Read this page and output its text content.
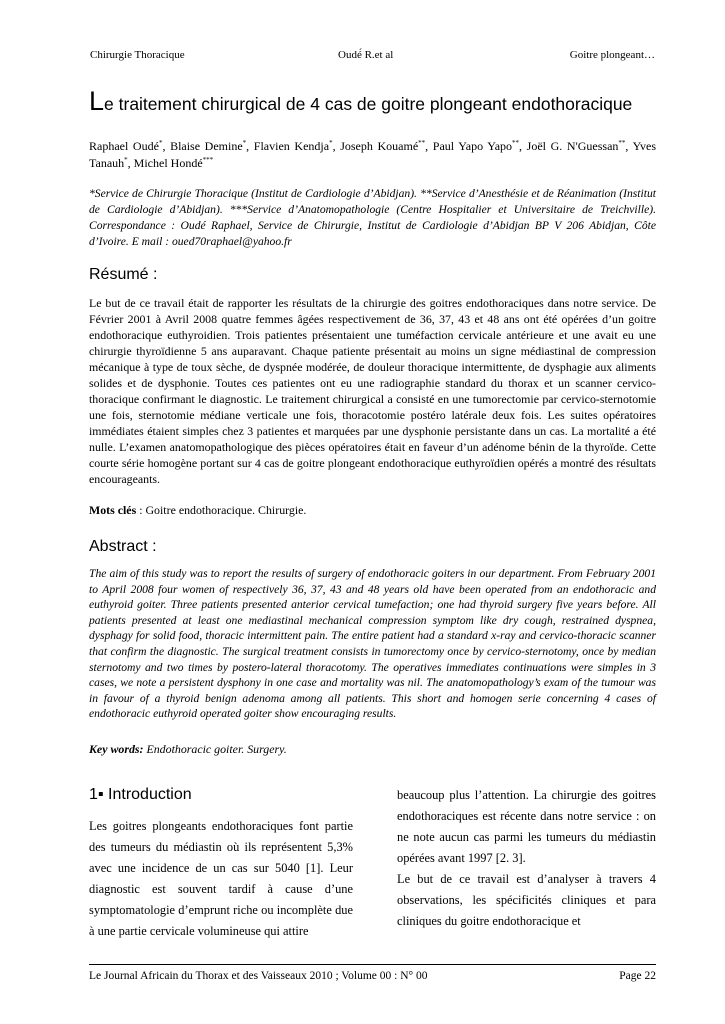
Chirurgie Thoracique	Oudé́ R.et al	Goitre plongeant…
Le traitement chirurgical de 4 cas de goitre plongeant endothoracique
Raphael Oudé*, Blaise Demine*, Flavien Kendja*, Joseph Kouamé**, Paul Yapo Yapo**, Joël G. N'Guessan**, Yves Tanauh*, Michel Hondé***
*Service de Chirurgie Thoracique (Institut de Cardiologie d’Abidjan). **Service d’Anesthésie et de Réanimation (Institut de Cardiologie d’Abidjan). ***Service d’Anatomopathologie (Centre Hospitalier et Universitaire de Treichville). Correspondance : Oudé Raphael, Service de Chirurgie, Institut de Cardiologie d’Abidjan BP V 206 Abidjan, Côte d’Ivoire. E mail : oued70raphael@yahoo.fr
Résumé :

Le but de ce travail était de rapporter les résultats de la chirurgie des goitres endothoraciques dans notre service. De Février 2001 à Avril 2008 quatre femmes âgées respectivement de 36, 37, 43 et 48 ans ont été opérées d’un goitre endothoracique euthyroidien. Trois patientes présentaient une tuméfaction cervicale antérieure et une avait eu une chirurgie thyroïdienne 5 ans auparavant. Chaque patiente présentait au moins un signe médiastinal de compression mécanique à type de toux sèche, de dyspnée modérée, de douleur thoracique intermittente, de dysphagie aux aliments solides et de dysphonie. Toutes ces patientes ont eu une radiographie standard du thorax et un scanner cervico-thoracique confirmant le diagnostic. Le traitement chirurgical a consisté en une tumorectomie par cervico-sternotomie une fois, sternotomie médiane verticale une fois, thoracotomie postéro latérale deux fois. Les suites opératoires immédiates étaient simples chez 3 patientes et marquées par une dysphonie persistante dans un cas. La mortalité a été nulle. L’examen anatomopathologique des pièces opératoires était en faveur d’un adénome bénin de la thyroïde. Cette courte série homogène portant sur 4 cas de goitre plongeant endothoracique euthyroïdien opérés a montré des résultats encourageants.

Mots clés : Goitre endothoracique. Chirurgie.
Abstract :

The aim of this study was to report the results of surgery of endothoracic goiters in our department. From February 2001 to April 2008 four women of respectively 36, 37, 43 and 48 years old have been operated from an endothoracic and euthyroid goiter. Three patients presented anterior cervical tumefaction; one had thyroid surgery five years before. All patients presented at least one mediastinal mechanical compression symptom like dry cough, restrained dyspnea, dysphagy for solid food, thoracic intermittent pain. The entire patient had a standard x-ray and cervico-thoracic scanner that confirm the diagnostic. The surgical treatment consists in tumorectomy once by cervico-sternotomy, once by median sternotomy and two times by postero-lateral thoracotomy. The operatives immediates continuations were simples in 3 cases, we note a persistent dysphony in one case and mortality was nil. The anatomopathology’s exam of the tumour was in favour of a thyroid benign adenoma among all patients. This short and homogen serie concerning 4 cases of endothoracic euthyroid operated goiter show encouraging results.

Key words: Endothoracic goiter. Surgery.
1▪ Introduction

Les goitres plongeants endothoraciques font partie des tumeurs du médiastin où ils représentent 5,3% avec une incidence de un cas sur 5040 [1]. Leur diagnostic est souvent tardif à cause d’une symptomatologie d’emprunt riche ou incomplète due à une partie cervicale volumineuse qui attire

beaucoup plus l’attention. La chirurgie des goitres endothoraciques est récente dans notre service : on ne note aucun cas parmi les tumeurs du médiastin opérées avant 1997 [2. 3].

Le but de ce travail est d’analyser à travers 4 observations, les spécificités cliniques et para cliniques du goitre endothoracique et

Le Journal Africain du Thorax et des Vaisseaux 2010 ; Volume 00 : N° 00	Page 22
